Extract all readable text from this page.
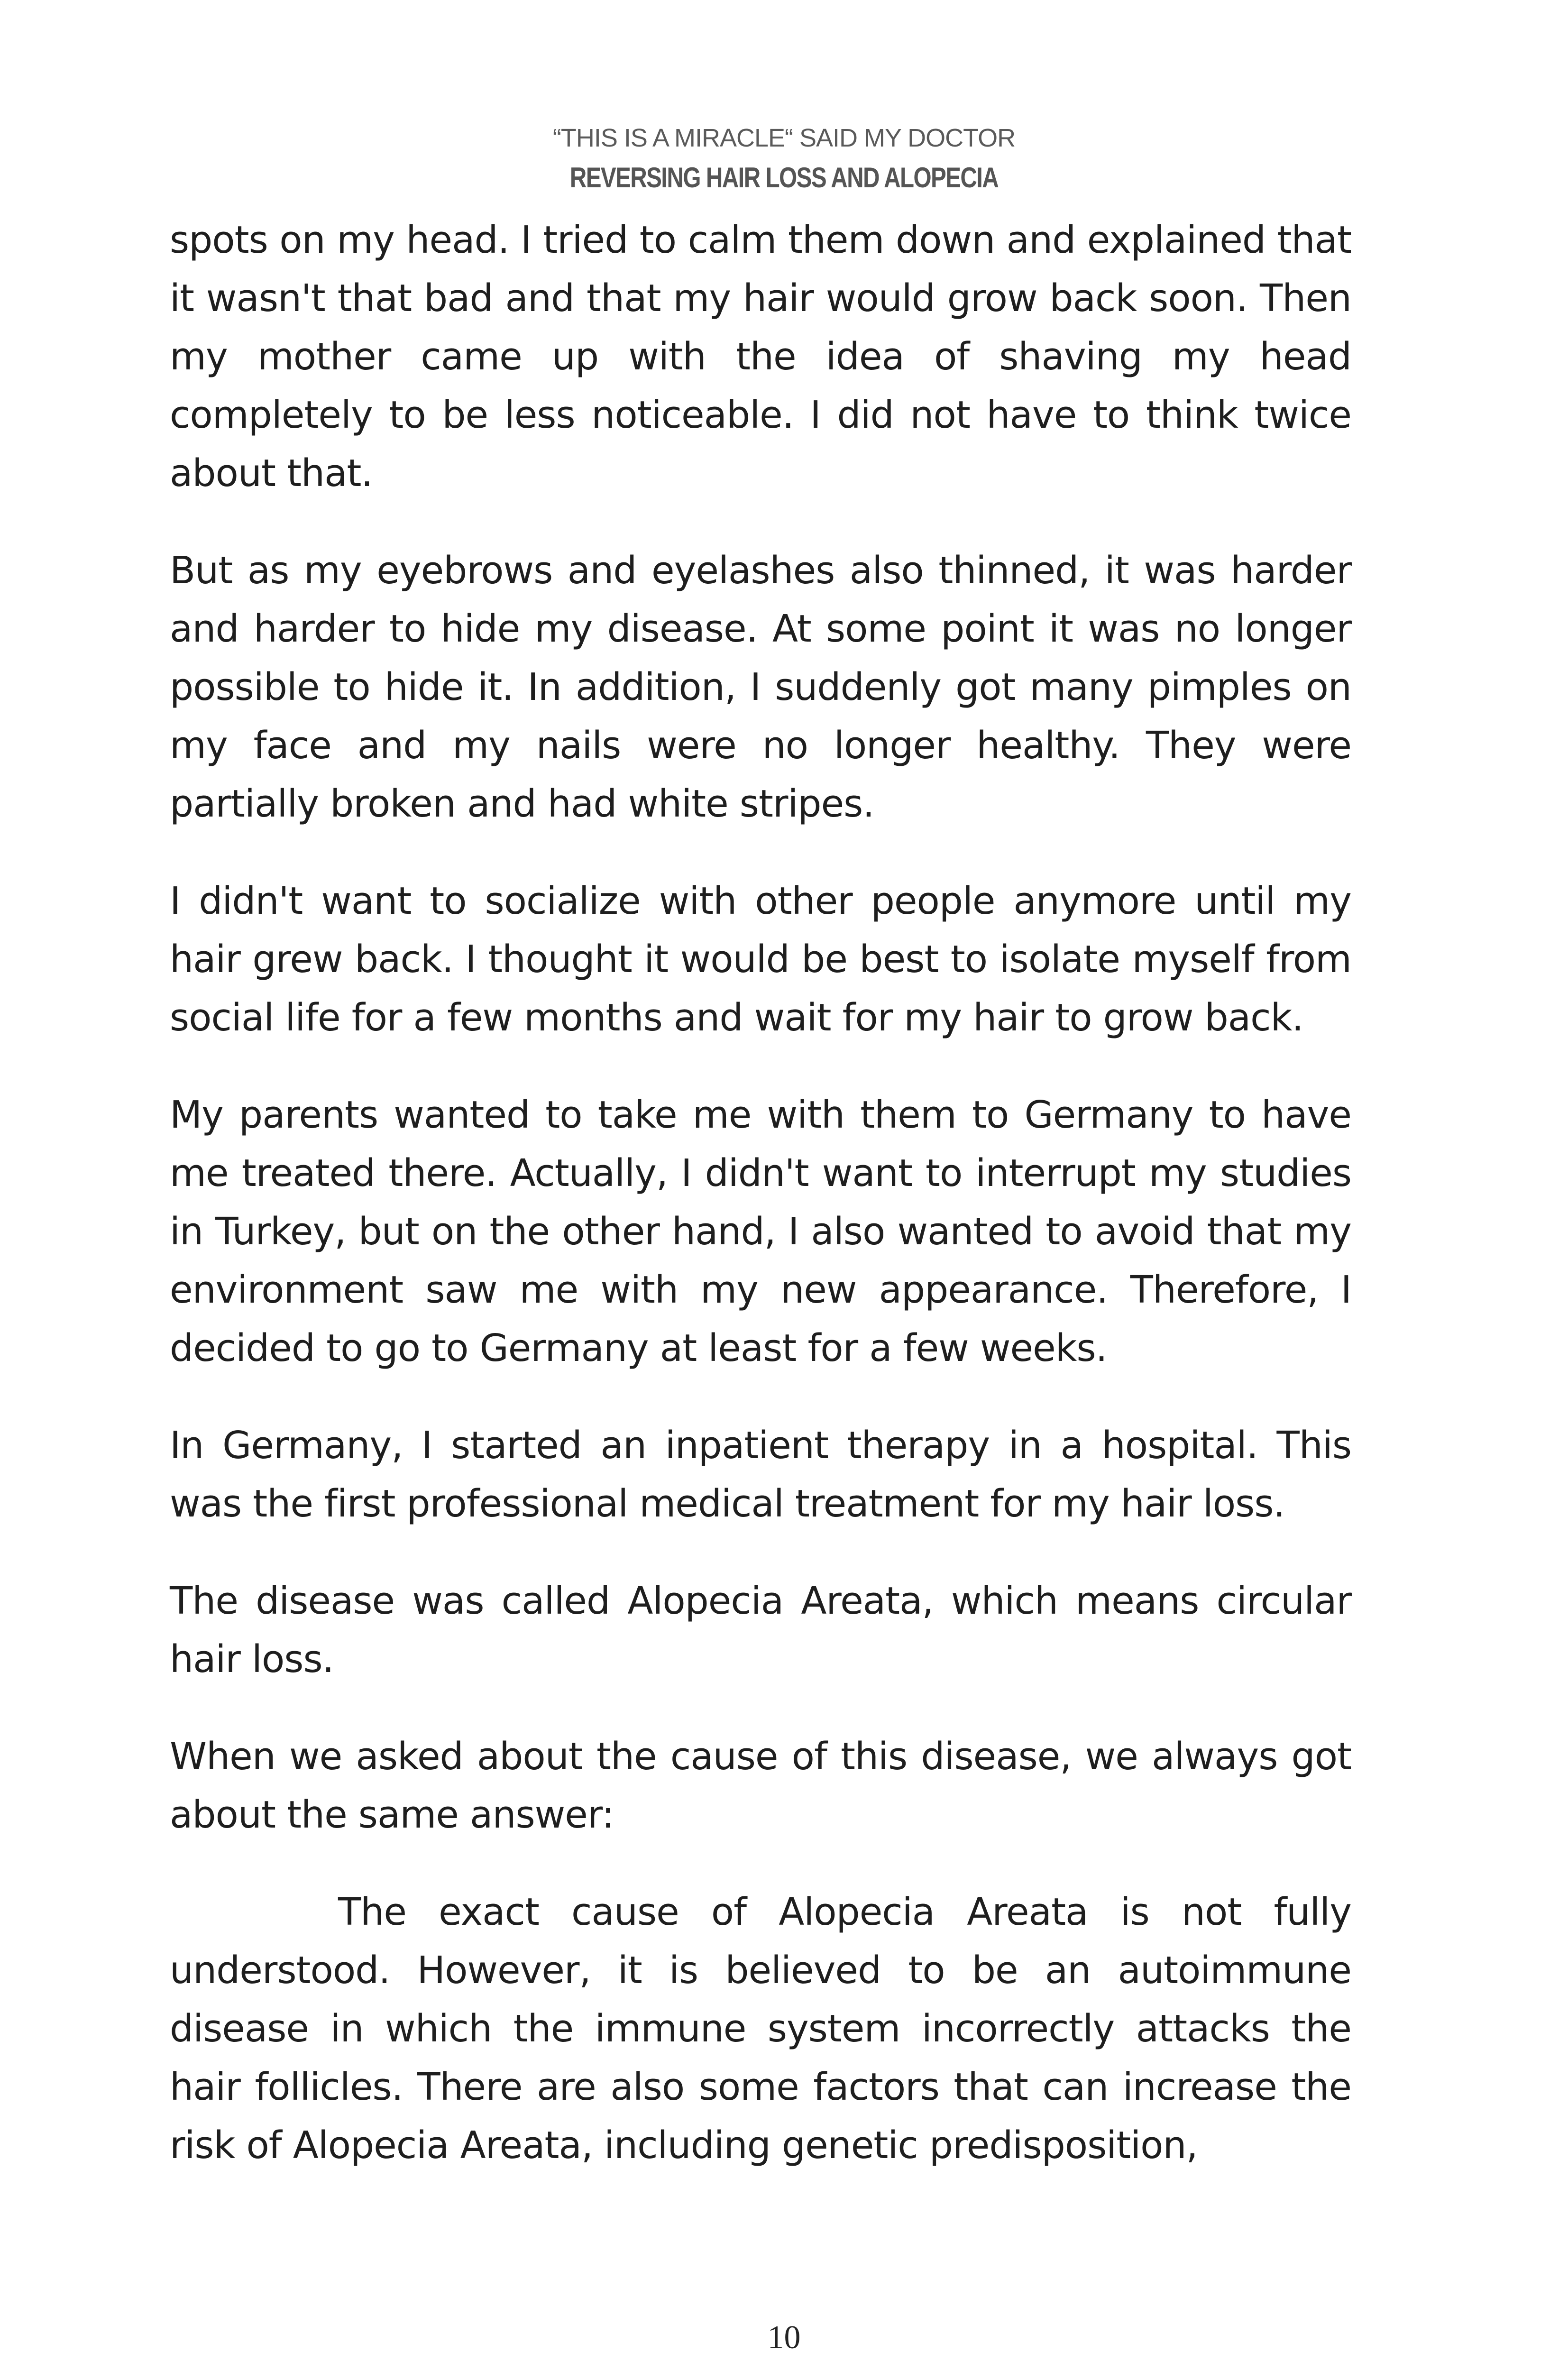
“THIS IS A MIRACLE“ SAID MY DOCTOR
REVERSING HAIR LOSS AND ALOPECIA

spots on my head. I tried to calm them down and explained that it wasn't that bad and that my hair would grow back soon. Then my mother came up with the idea of shaving my head completely to be less noticeable. I did not have to think twice about that.

But as my eyebrows and eyelashes also thinned, it was harder and harder to hide my disease. At some point it was no longer possible to hide it. In addition, I suddenly got many pimples on my face and my nails were no longer healthy. They were partially broken and had white stripes.

I didn't want to socialize with other people anymore until my hair grew back. I thought it would be best to isolate myself from social life for a few months and wait for my hair to grow back.

My parents wanted to take me with them to Germany to have me treated there. Actually, I didn't want to interrupt my studies in Turkey, but on the other hand, I also wanted to avoid that my environment saw me with my new appearance. Therefore, I decided to go to Germany at least for a few weeks.

In Germany, I started an inpatient therapy in a hospital. This was the first professional medical treatment for my hair loss.

The disease was called Alopecia Areata, which means circular hair loss.

When we asked about the cause of this disease, we always got about the same answer:

The exact cause of Alopecia Areata is not fully understood. However, it is believed to be an autoimmune disease in which the immune system incorrectly attacks the hair follicles. There are also some factors that can increase the risk of Alopecia Areata, including genetic predisposition,

10
